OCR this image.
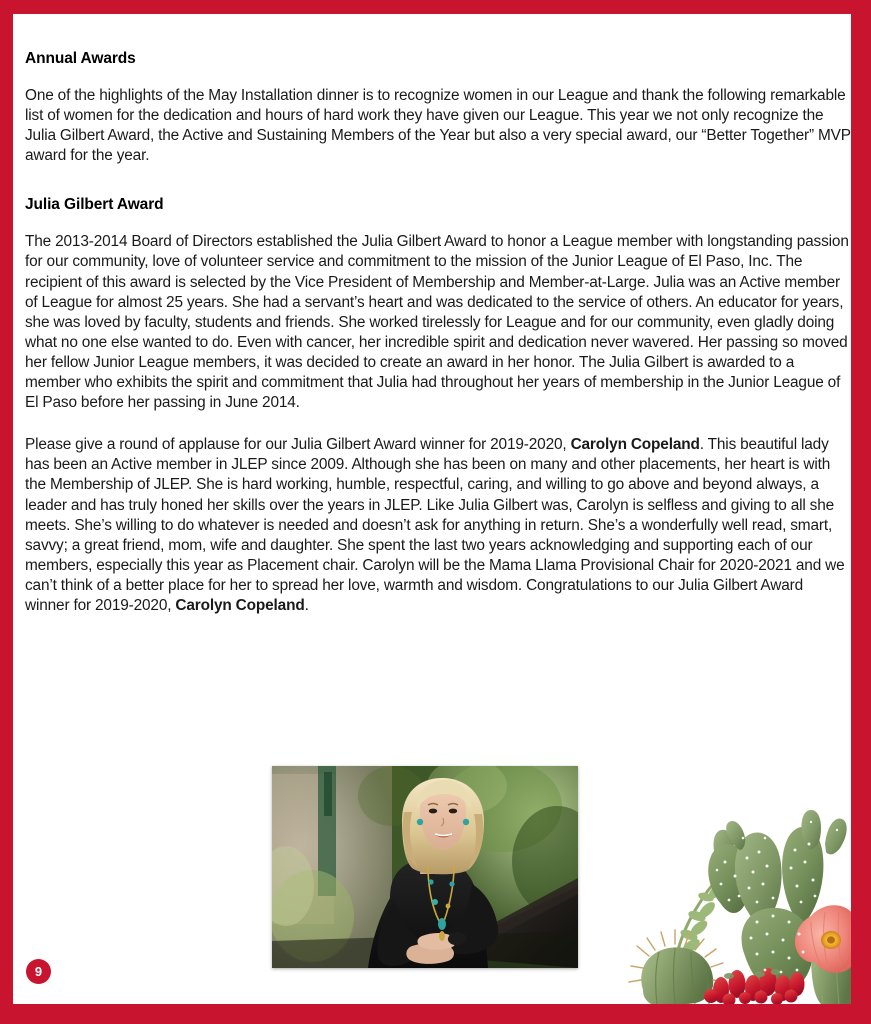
Annual Awards

One of the highlights of the May Installation dinner is to recognize women in our League and thank the following remarkable list of women for the dedication and hours of hard work they have given our League. This year we not only recognize the Julia Gilbert Award, the Active and Sustaining Members of the Year but also a very special award, our “Better Together” MVP award for the year.

Julia Gilbert Award

The 2013-2014 Board of Directors established the Julia Gilbert Award to honor a League member with longstanding passion for our community, love of volunteer service and commitment to the mission of the Junior League of El Paso, Inc. The recipient of this award is selected by the Vice President of Membership and Member-at-Large. Julia was an Active member of League for almost 25 years. She had a servant’s heart and was dedicated to the service of others. An educator for years, she was loved by faculty, students and friends. She worked tirelessly for League and for our community, even gladly doing what no one else wanted to do. Even with cancer, her incredible spirit and dedication never wavered. Her passing so moved her fellow Junior League members, it was decided to create an award in her honor. The Julia Gilbert is awarded to a member who exhibits the spirit and commitment that Julia had throughout her years of membership in the Junior League of El Paso before her passing in June 2014.

Please give a round of applause for our Julia Gilbert Award winner for 2019-2020, Carolyn Copeland. This beautiful lady has been an Active member in JLEP since 2009. Although she has been on many and other placements, her heart is with the Membership of JLEP. She is hard working, humble, respectful, caring, and willing to go above and beyond always, a leader and has truly honed her skills over the years in JLEP. Like Julia Gilbert was, Carolyn is selfless and giving to all she meets. She’s willing to do whatever is needed and doesn’t ask for anything in return. She’s a wonderfully well read, smart, savvy; a great friend, mom, wife and daughter. She spent the last two years acknowledging and supporting each of our members, especially this year as Placement chair. Carolyn will be the Mama Llama Provisional Chair for 2020-2021 and we can’t think of a better place for her to spread her love, warmth and wisdom. Congratulations to our Julia Gilbert Award winner for 2019-2020, Carolyn Copeland.

9
